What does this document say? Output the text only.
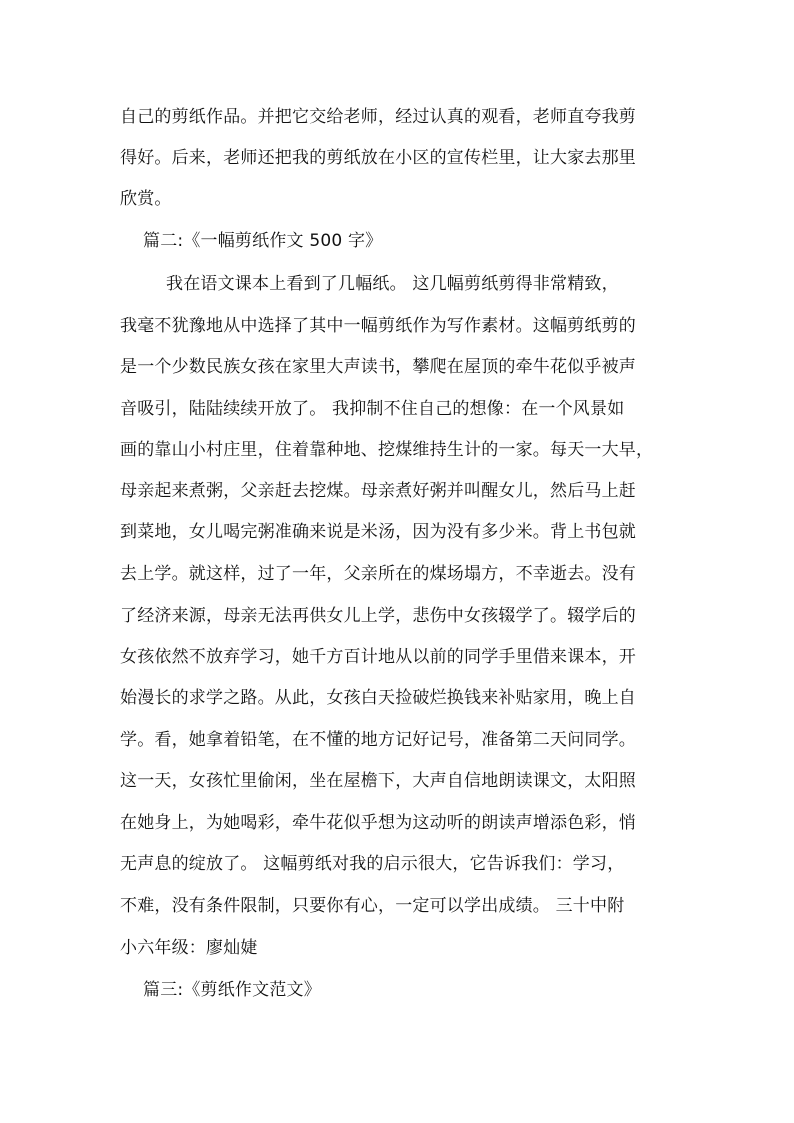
自己的剪纸作品。并把它交给老师，经过认真的观看，老师直夸我剪
得好。后来，老师还把我的剪纸放在小区的宣传栏里，让大家去那里
欣赏。
篇二:《一幅剪纸作文 500 字》
我在语文课本上看到了几幅纸。 这几幅剪纸剪得非常精致，
我毫不犹豫地从中选择了其中一幅剪纸作为写作素材。这幅剪纸剪的
是一个少数民族女孩在家里大声读书，攀爬在屋顶的牵牛花似乎被声
音吸引，陆陆续续开放了。 我抑制不住自己的想像：在一个风景如
画的靠山小村庄里，住着靠种地、挖煤维持生计的一家。每天一大早，
母亲起来煮粥，父亲赶去挖煤。母亲煮好粥并叫醒女儿，然后马上赶
到菜地，女儿喝完粥准确来说是米汤，因为没有多少米。背上书包就
去上学。就这样，过了一年，父亲所在的煤场塌方，不幸逝去。没有
了经济来源，母亲无法再供女儿上学，悲伤中女孩辍学了。辍学后的
女孩依然不放弃学习，她千方百计地从以前的同学手里借来课本，开
始漫长的求学之路。从此，女孩白天捡破烂换钱来补贴家用，晚上自
学。看，她拿着铅笔，在不懂的地方记好记号，准备第二天问同学。
这一天，女孩忙里偷闲，坐在屋檐下，大声自信地朗读课文，太阳照
在她身上，为她喝彩，牵牛花似乎想为这动听的朗读声增添色彩，悄
无声息的绽放了。 这幅剪纸对我的启示很大，它告诉我们：学习，
不难，没有条件限制，只要你有心，一定可以学出成绩。 三十中附
小六年级：廖灿婕
篇三:《剪纸作文范文》
